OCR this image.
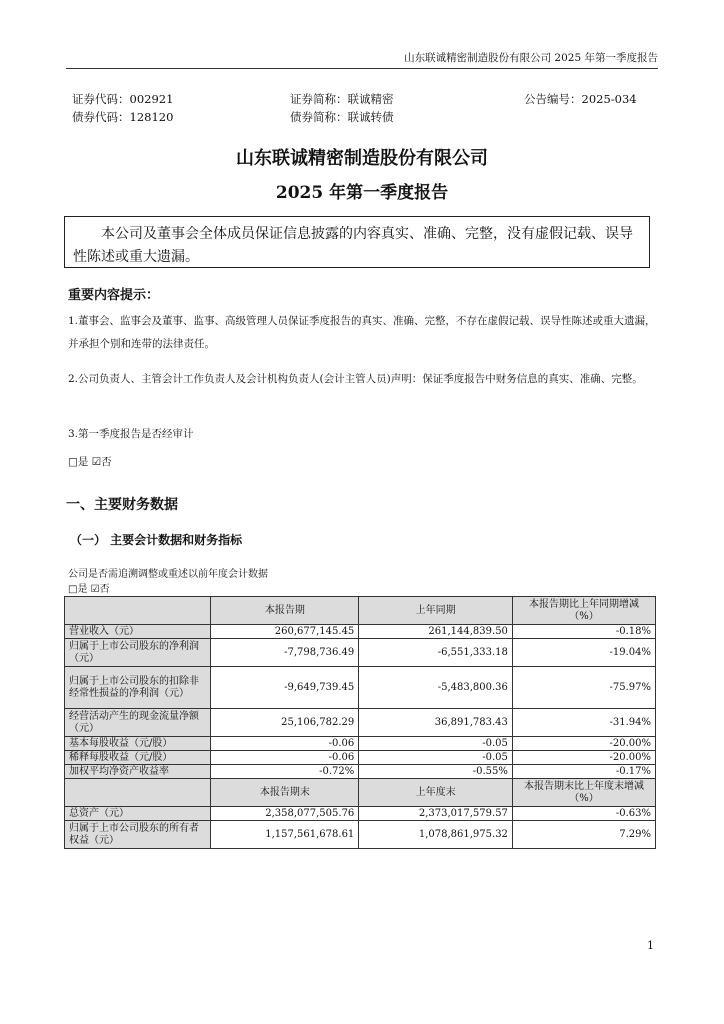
山东联诚精密制造股份有限公司 2025 年第一季度报告
证券代码：002921	证券简称：联诚精密	公告编号：2025-034
债券代码：128120	债券简称：联诚转债
山东联诚精密制造股份有限公司
2025 年第一季度报告
本公司及董事会全体成员保证信息披露的内容真实、准确、完整，没有虚假记载、误导性陈述或重大遗漏。
重要内容提示：
1.董事会、监事会及董事、监事、高级管理人员保证季度报告的真实、准确、完整，不存在虚假记载、误导性陈述或重大遗漏，并承担个别和连带的法律责任。
2.公司负责人、主管会计工作负责人及会计机构负责人(会计主管人员)声明：保证季度报告中财务信息的真实、准确、完整。
3.第一季度报告是否经审计
□是 ☑否
一、主要财务数据
（一） 主要会计数据和财务指标
公司是否需追溯调整或重述以前年度会计数据
□是 ☑否
	本报告期	上年同期	本报告期比上年同期增减（%）
营业收入（元）	260,677,145.45	261,144,839.50	-0.18%
归属于上市公司股东的净利润（元）	-7,798,736.49	-6,551,333.18	-19.04%
归属于上市公司股东的扣除非经常性损益的净利润（元）	-9,649,739.45	-5,483,800.36	-75.97%
经营活动产生的现金流量净额（元）	25,106,782.29	36,891,783.43	-31.94%
基本每股收益（元/股）	-0.06	-0.05	-20.00%
稀释每股收益（元/股）	-0.06	-0.05	-20.00%
加权平均净资产收益率	-0.72%	-0.55%	-0.17%
	本报告期末	上年度末	本报告期末比上年度末增减（%）
总资产（元）	2,358,077,505.76	2,373,017,579.57	-0.63%
归属于上市公司股东的所有者权益（元）	1,157,561,678.61	1,078,861,975.32	7.29%
1
